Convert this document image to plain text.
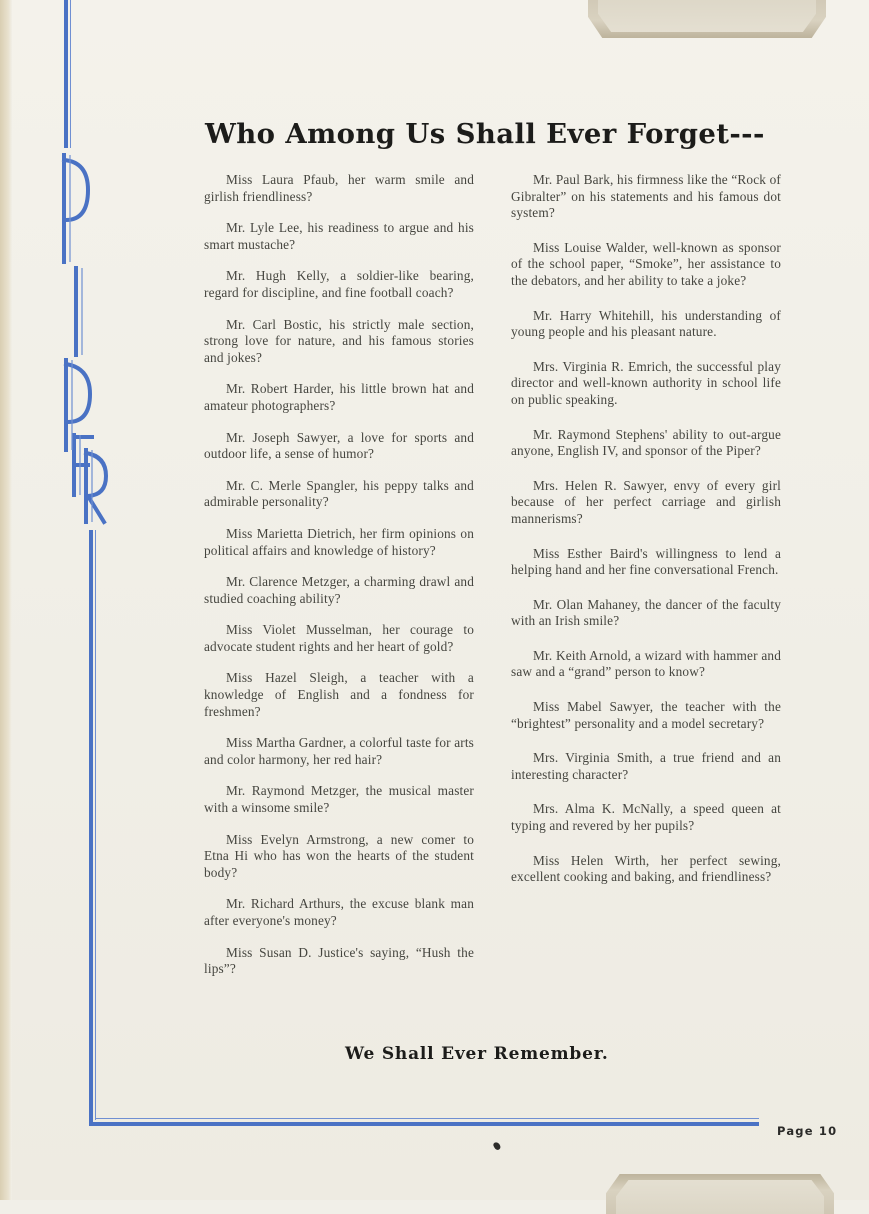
Who Among Us Shall Ever Forget---

Miss Laura Pfaub, her warm smile and girlish friendliness?

Mr. Lyle Lee, his readiness to argue and his smart mustache?

Mr. Hugh Kelly, a soldier-like bearing, regard for discipline, and fine football coach?

Mr. Carl Bostic, his strictly male section, strong love for nature, and his famous stories and jokes?

Mr. Robert Harder, his little brown hat and amateur photographers?

Mr. Joseph Sawyer, a love for sports and outdoor life, a sense of humor?

Mr. C. Merle Spangler, his peppy talks and admirable personality?

Miss Marietta Dietrich, her firm opinions on political affairs and knowledge of history?

Mr. Clarence Metzger, a charming drawl and studied coaching ability?

Miss Violet Musselman, her courage to advocate student rights and her heart of gold?

Miss Hazel Sleigh, a teacher with a knowledge of English and a fondness for freshmen?

Miss Martha Gardner, a colorful taste for arts and color harmony, her red hair?

Mr. Raymond Metzger, the musical master with a winsome smile?

Miss Evelyn Armstrong, a new comer to Etna Hi who has won the hearts of the student body?

Mr. Richard Arthurs, the excuse blank man after everyone's money?

Miss Susan D. Justice's saying, “Hush the lips”?

Mr. Paul Bark, his firmness like the “Rock of Gibralter” on his statements and his famous dot system?

Miss Louise Walder, well-known as sponsor of the school paper, “Smoke”, her assistance to the debators, and her ability to take a joke?

Mr. Harry Whitehill, his understanding of young people and his pleasant nature.

Mrs. Virginia R. Emrich, the successful play director and well-known authority in school life on public speaking.

Mr. Raymond Stephens' ability to out-argue anyone, English IV, and sponsor of the Piper?

Mrs. Helen R. Sawyer, envy of every girl because of her perfect carriage and girlish mannerisms?

Miss Esther Baird's willingness to lend a helping hand and her fine conversational French.

Mr. Olan Mahaney, the dancer of the faculty with an Irish smile?

Mr. Keith Arnold, a wizard with hammer and saw and a “grand” person to know?

Miss Mabel Sawyer, the teacher with the “brightest” personality and a model secretary?

Mrs. Virginia Smith, a true friend and an interesting character?

Mrs. Alma K. McNally, a speed queen at typing and revered by her pupils?

Miss Helen Wirth, her perfect sewing, excellent cooking and baking, and friendliness?

We Shall Ever Remember.
Page 10
